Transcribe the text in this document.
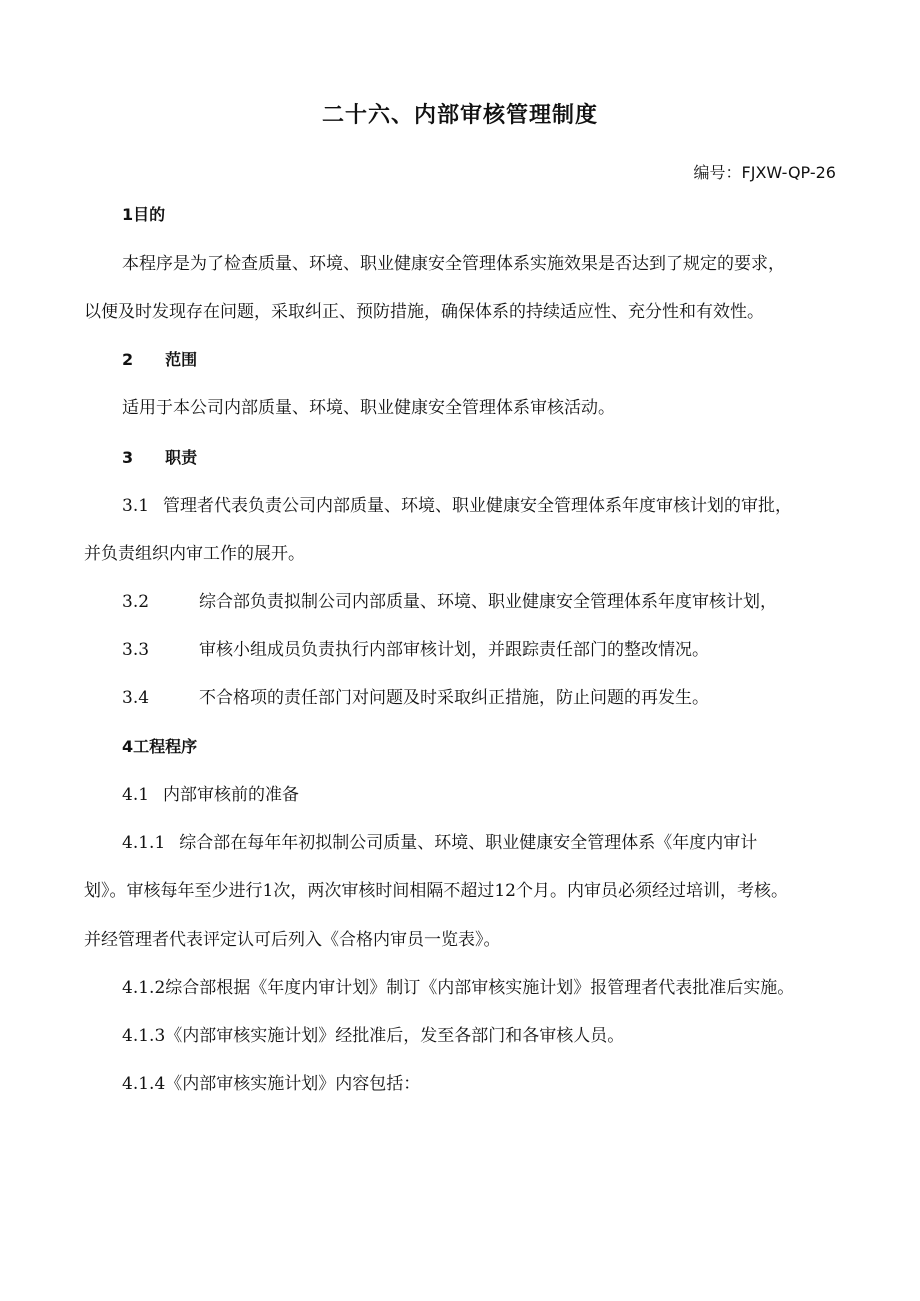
二十六、内部审核管理制度
编号：FJXW-QP-26
1目的
本程序是为了检查质量、环境、职业健康安全管理体系实施效果是否达到了规定的要求，
以便及时发现存在问题，采取纠正、预防措施，确保体系的持续适应性、充分性和有效性。
2 范围
适用于本公司内部质量、环境、职业健康安全管理体系审核活动。
3 职责
3.1 管理者代表负责公司内部质量、环境、职业健康安全管理体系年度审核计划的审批，
并负责组织内审工作的展开。
3.2	综合部负责拟制公司内部质量、环境、职业健康安全管理体系年度审核计划，
3.3	审核小组成员负责执行内部审核计划，并跟踪责任部门的整改情况。
3.4	不合格项的责任部门对问题及时采取纠正措施，防止问题的再发生。
4工程程序
4.1 内部审核前的准备
4.1.1 综合部在每年年初拟制公司质量、环境、职业健康安全管理体系《年度内审计
划》。审核每年至少进行1次，两次审核时间相隔不超过12个月。内审员必须经过培训，考核。
并经管理者代表评定认可后列入《合格内审员一览表》。
4.1.2综合部根据《年度内审计划》制订《内部审核实施计划》报管理者代表批准后实施。
4.1.3《内部审核实施计划》经批准后，发至各部门和各审核人员。
4.1.4《内部审核实施计划》内容包括：
